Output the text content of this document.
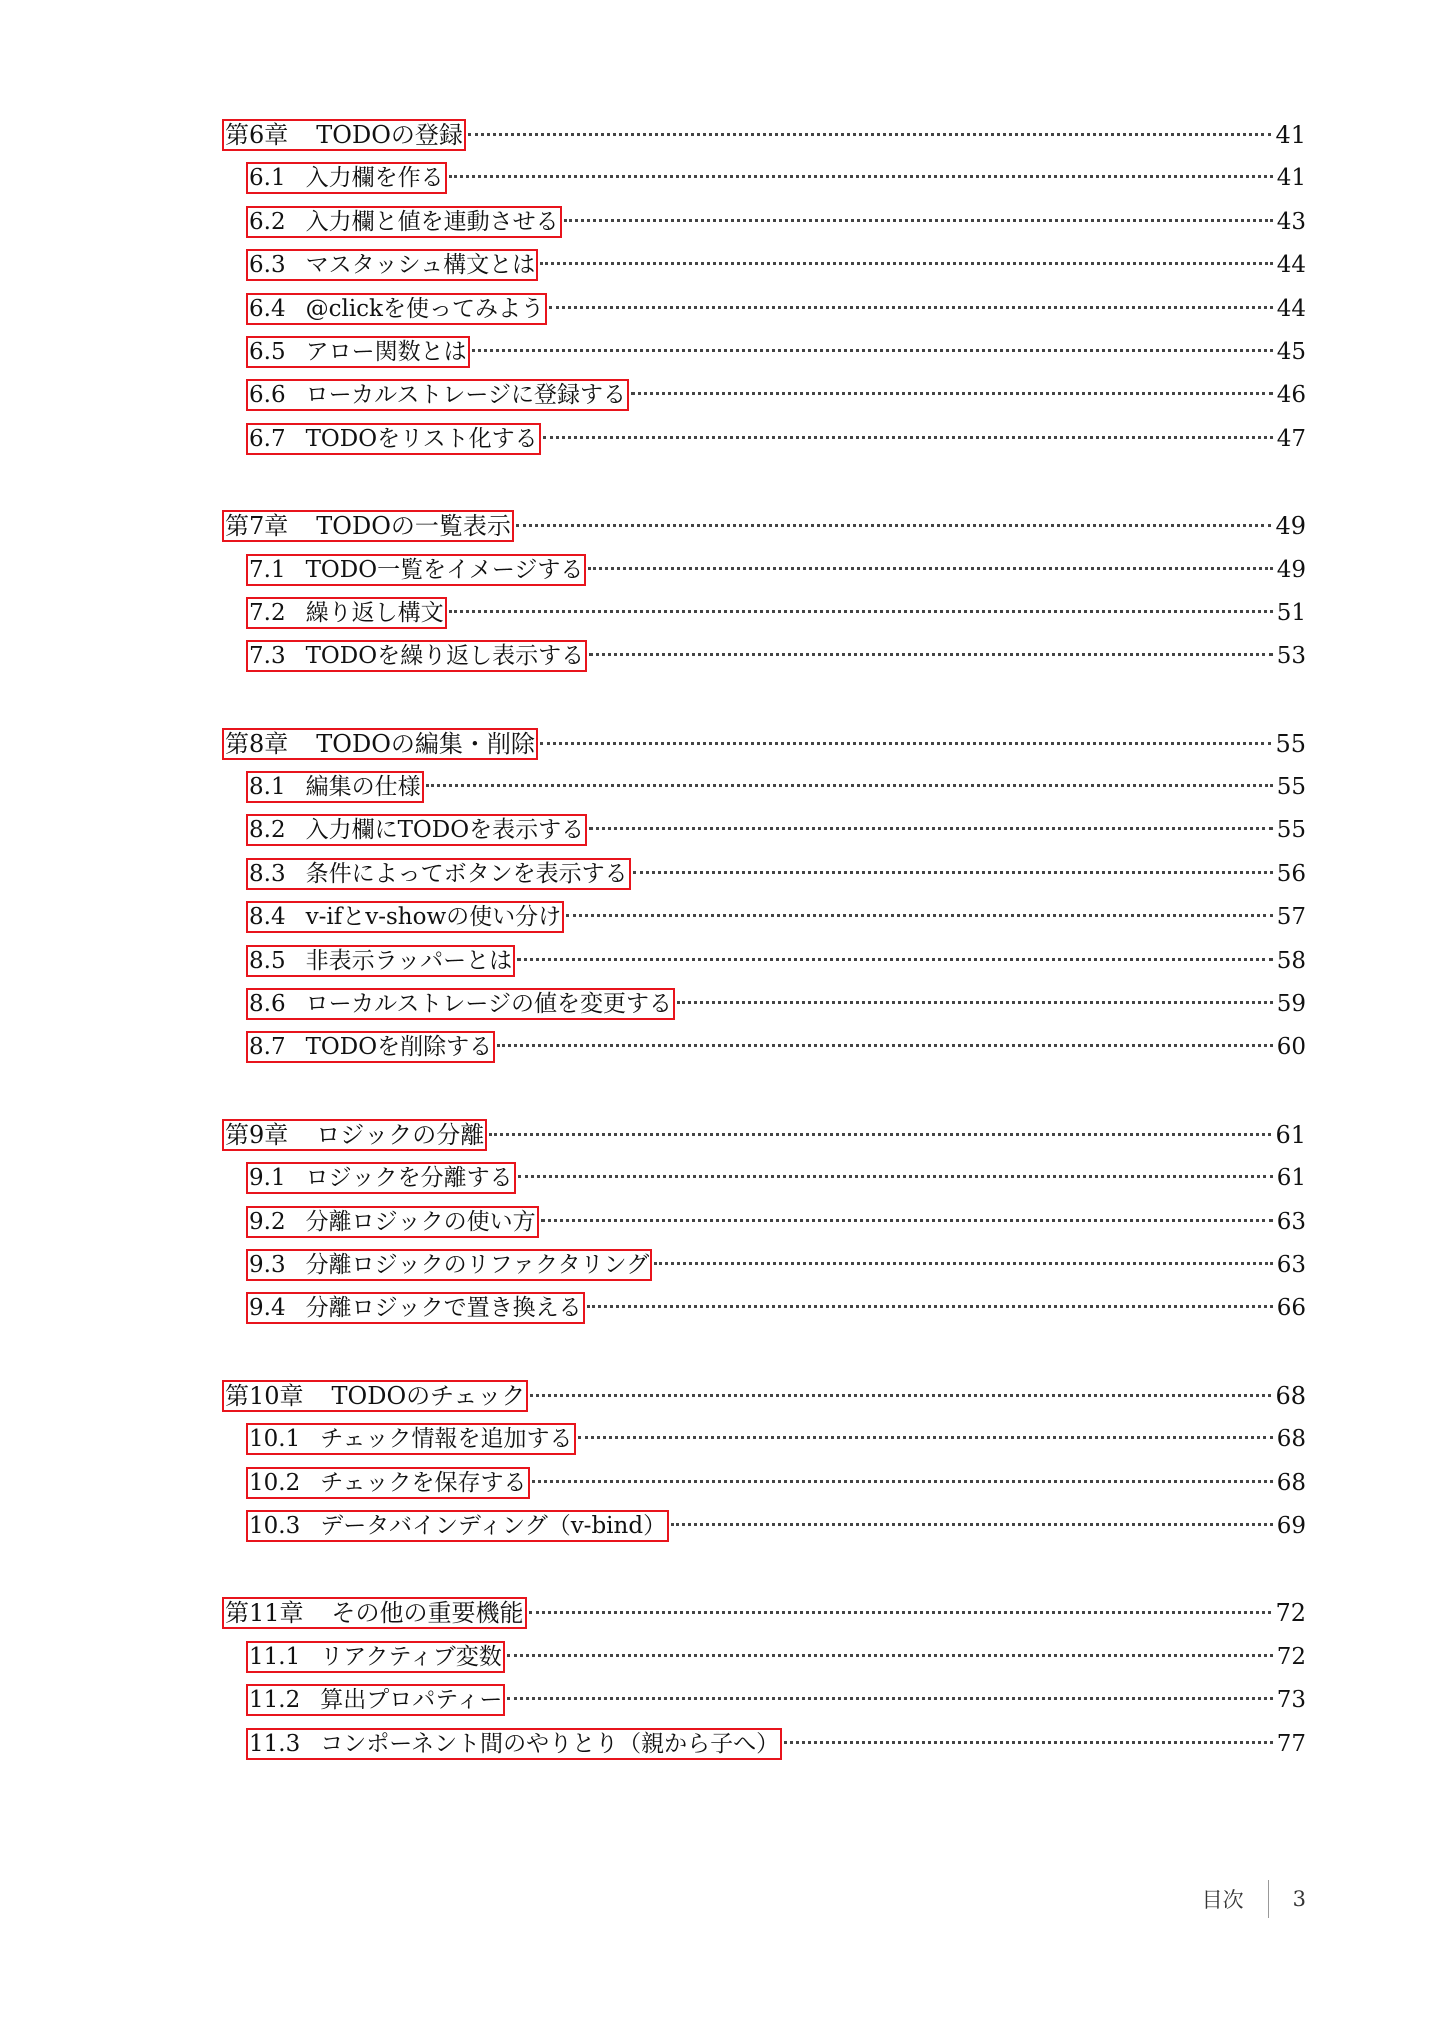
第6章 TODOの登録	41
6.1 入力欄を作る	41
6.2 入力欄と値を連動させる	43
6.3 マスタッシュ構文とは	44
6.4 @clickを使ってみよう	44
6.5 アロー関数とは	45
6.6 ローカルストレージに登録する	46
6.7 TODOをリスト化する	47
第7章 TODOの一覧表示	49
7.1 TODO一覧をイメージする	49
7.2 繰り返し構文	51
7.3 TODOを繰り返し表示する	53
第8章 TODOの編集・削除	55
8.1 編集の仕様	55
8.2 入力欄にTODOを表示する	55
8.3 条件によってボタンを表示する	56
8.4 v-ifとv-showの使い分け	57
8.5 非表示ラッパーとは	58
8.6 ローカルストレージの値を変更する	59
8.7 TODOを削除する	60
第9章 ロジックの分離	61
9.1 ロジックを分離する	61
9.2 分離ロジックの使い方	63
9.3 分離ロジックのリファクタリング	63
9.4 分離ロジックで置き換える	66
第10章 TODOのチェック	68
10.1 チェック情報を追加する	68
10.2 チェックを保存する	68
10.3 データバインディング（v-bind）	69
第11章 その他の重要機能	72
11.1 リアクティブ変数	72
11.2 算出プロパティー	73
11.3 コンポーネント間のやりとり（親から子へ）	77
目次 3
